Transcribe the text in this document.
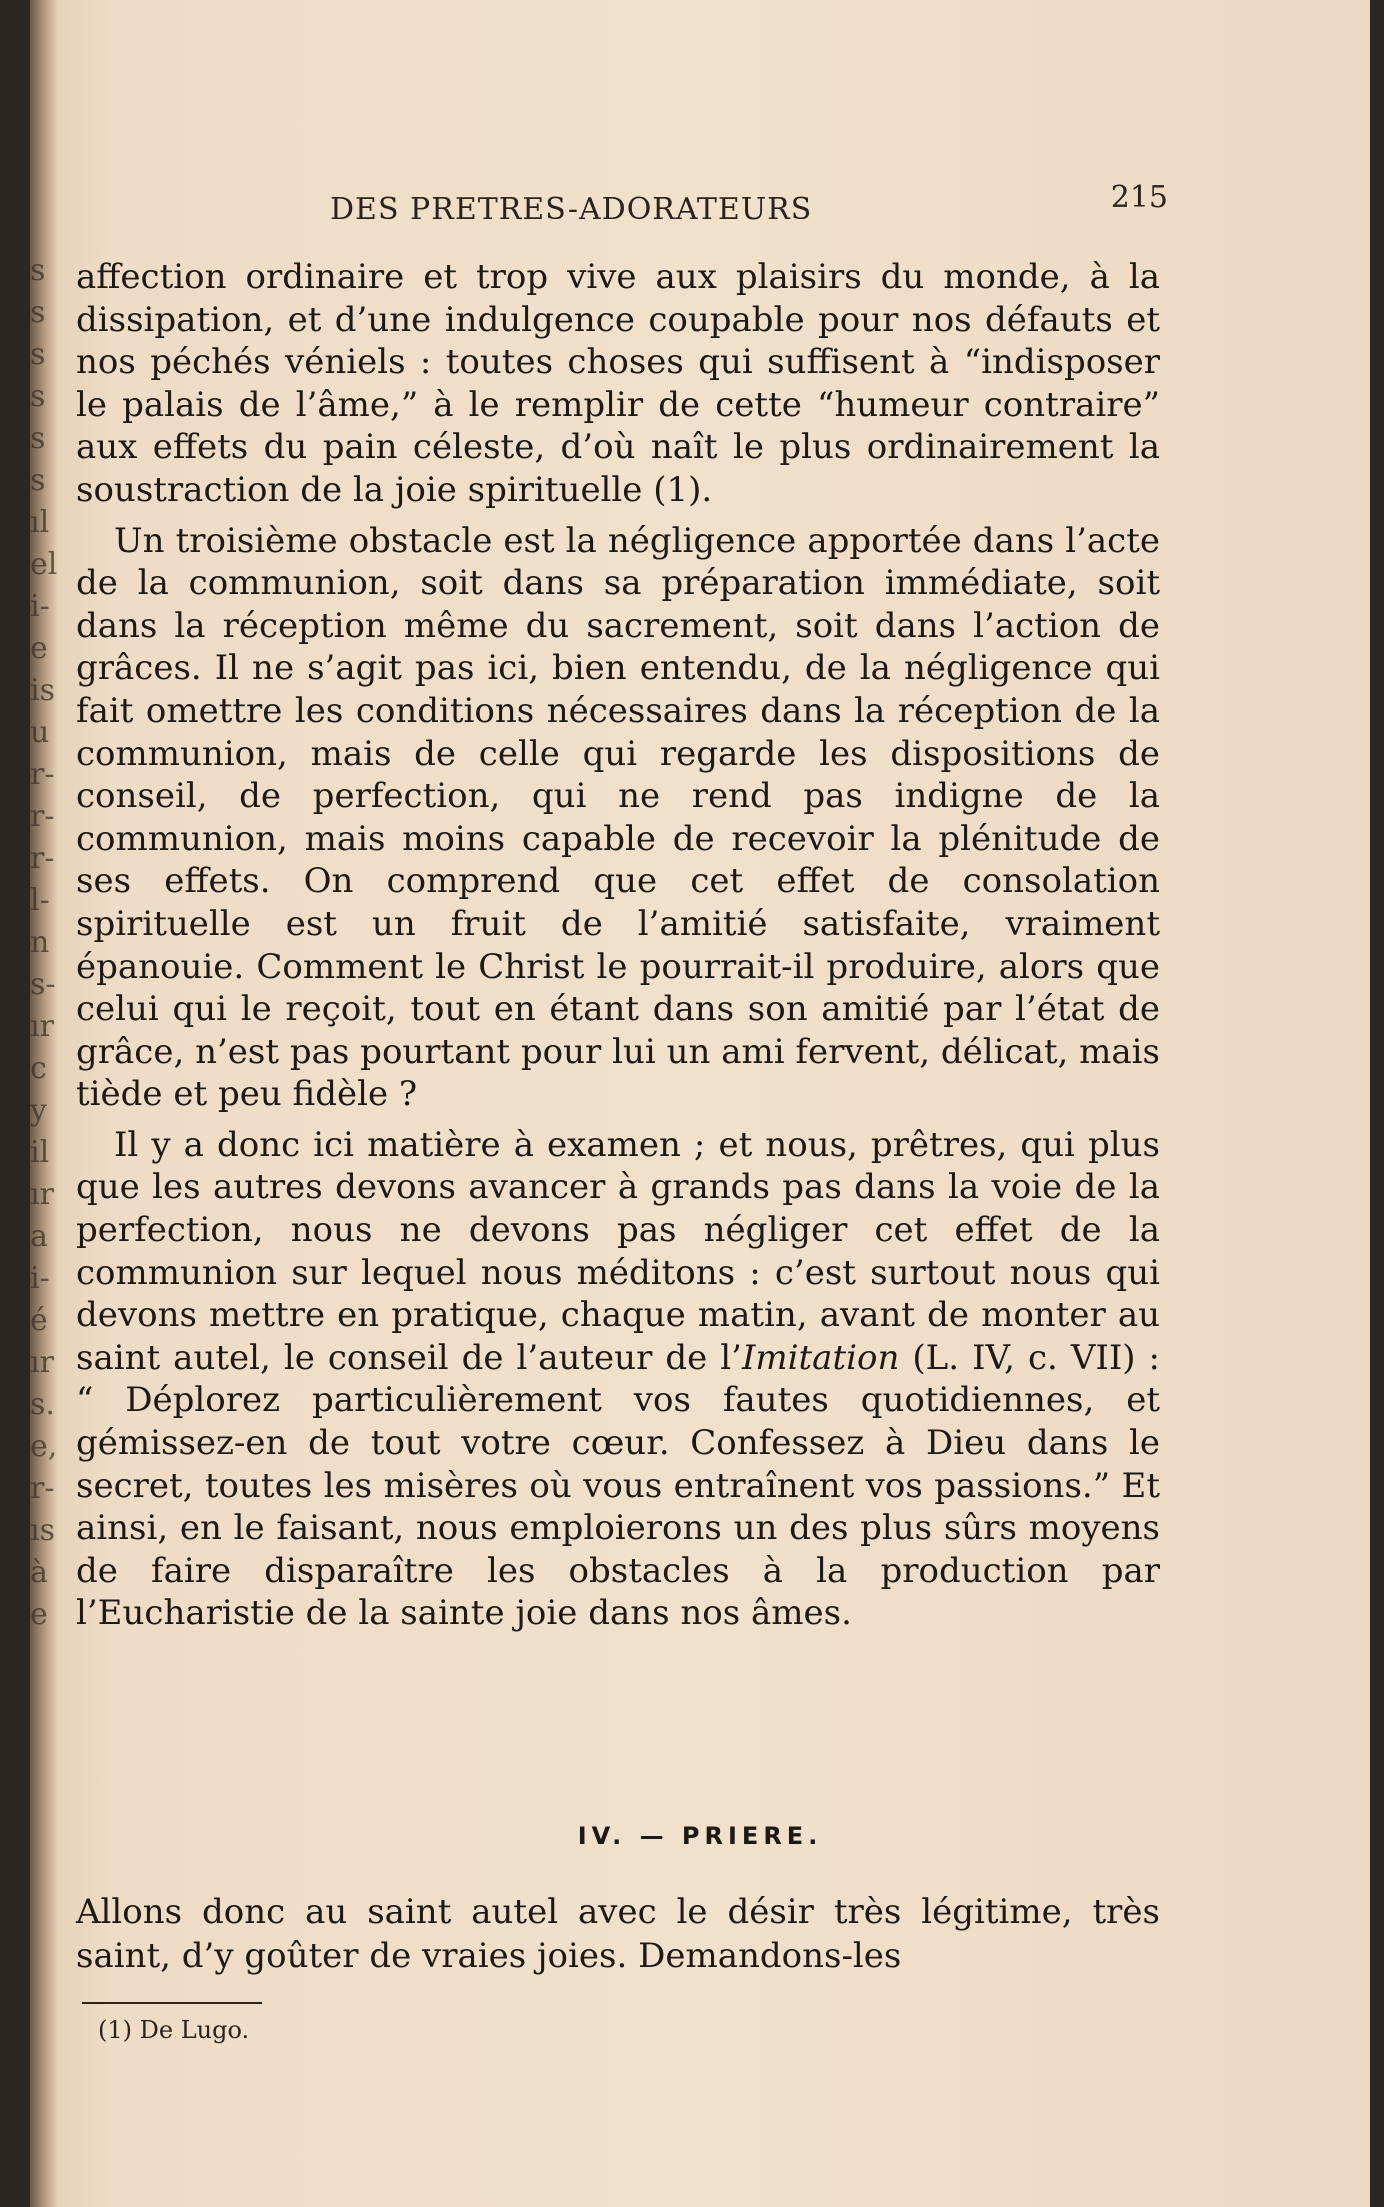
s
s
s
s
s
s
ıl
el
i-
e
is
u
r-
r-
r-
l-
n
s-
ır
c
y
il
ır
a
i-
é
ır
s.
e,
r-
ıs
à
e
DES PRETRES-ADORATEURS	215

affection ordinaire et trop vive aux plaisirs du monde, à la dissipation, et d’une indulgence coupable pour nos défauts et nos péchés véniels : toutes choses qui suffisent à “indisposer le palais de l’âme,” à le remplir de cette “humeur contraire” aux effets du pain céleste, d’où naît le plus ordinairement la soustraction de la joie spirituelle (1).

Un troisième obstacle est la négligence apportée dans l’acte de la communion, soit dans sa préparation immédiate, soit dans la réception même du sacrement, soit dans l’action de grâces. Il ne s’agit pas ici, bien entendu, de la négligence qui fait omettre les conditions nécessaires dans la réception de la communion, mais de celle qui regarde les dispositions de conseil, de perfection, qui ne rend pas indigne de la communion, mais moins capable de recevoir la plénitude de ses effets. On comprend que cet effet de consolation spirituelle est un fruit de l’amitié satisfaite, vraiment épanouie. Comment le Christ le pourrait-il produire, alors que celui qui le reçoit, tout en étant dans son amitié par l’état de grâce, n’est pas pourtant pour lui un ami fervent, délicat, mais tiède et peu fidèle ?

Il y a donc ici matière à examen ; et nous, prêtres, qui plus que les autres devons avancer à grands pas dans la voie de la perfection, nous ne devons pas négliger cet effet de la communion sur lequel nous méditons : c’est surtout nous qui devons mettre en pratique, chaque matin, avant de monter au saint autel, le conseil de l’auteur de l’Imitation (L. IV, c. VII) : “ Déplorez particulièrement vos fautes quotidiennes, et gémissez-en de tout votre cœur. Confessez à Dieu dans le secret, toutes les misères où vous entraînent vos passions.” Et ainsi, en le faisant, nous emploierons un des plus sûrs moyens de faire disparaître les obstacles à la production par l’Eucharistie de la sainte joie dans nos âmes.

IV. — PRIERE.

Allons donc au saint autel avec le désir très légitime, très saint, d’y goûter de vraies joies. Demandons-les

(1) De Lugo.
